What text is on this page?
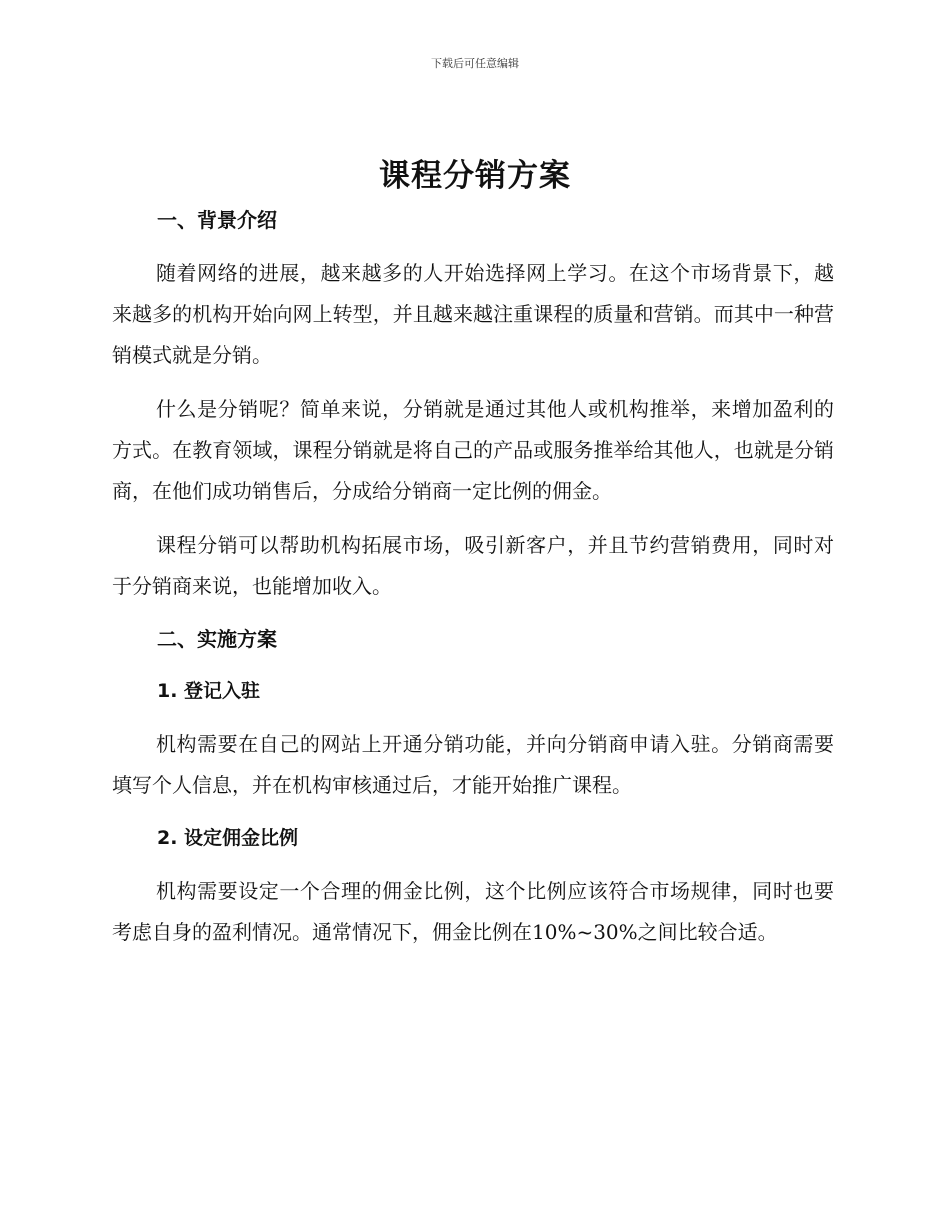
下载后可任意编辑
课程分销方案
一、背景介绍

随着网络的进展，越来越多的人开始选择网上学习。在这个市场背景下，越来越多的机构开始向网上转型，并且越来越注重课程的质量和营销。而其中一种营销模式就是分销。

什么是分销呢？简单来说，分销就是通过其他人或机构推举，来增加盈利的方式。在教育领域，课程分销就是将自己的产品或服务推举给其他人，也就是分销商，在他们成功销售后，分成给分销商一定比例的佣金。

课程分销可以帮助机构拓展市场，吸引新客户，并且节约营销费用，同时对于分销商来说，也能增加收入。

二、实施方案
1. 登记入驻

机构需要在自己的网站上开通分销功能，并向分销商申请入驻。分销商需要填写个人信息，并在机构审核通过后，才能开始推广课程。

2. 设定佣金比例

机构需要设定一个合理的佣金比例，这个比例应该符合市场规律，同时也要考虑自身的盈利情况。通常情况下，佣金比例在10%~30%之间比较合适。
